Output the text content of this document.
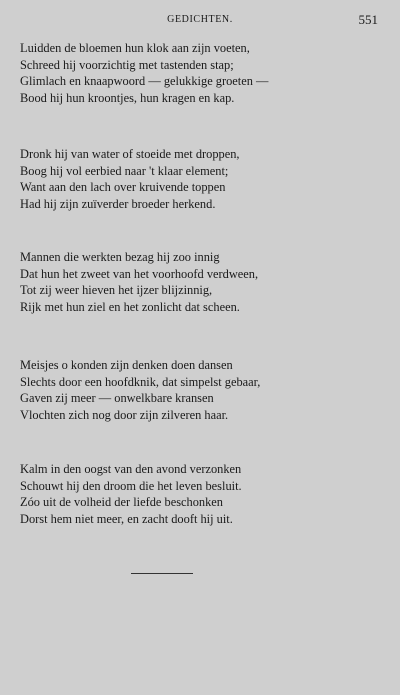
GEDICHTEN.	551
Luidden de bloemen hun klok aan zijn voeten,
Schreed hij voorzichtig met tastenden stap;
Glimlach en knaapwoord — gelukkige groeten —
Bood hij hun kroontjes, hun kragen en kap.
Dronk hij van water of stoeide met droppen,
Boog hij vol eerbied naar 't klaar element;
Want aan den lach over kruivende toppen
Had hij zijn zuïverder broeder herkend.
Mannen die werkten bezag hij zoo innig
Dat hun het zweet van het voorhoofd verdween,
Tot zij weer hieven het ijzer blijzinnig,
Rijk met hun ziel en het zonlicht dat scheen.
Meisjes o konden zijn denken doen dansen
Slechts door een hoofdknik, dat simpelst gebaar,
Gaven zij meer — onwelkbare kransen
Vlochten zich nog door zijn zilveren haar.
Kalm in den oogst van den avond verzonken
Schouwt hij den droom die het leven besluit.
Zóo uit de volheid der liefde beschonken
Dorst hem niet meer, en zacht dooft hij uit.
